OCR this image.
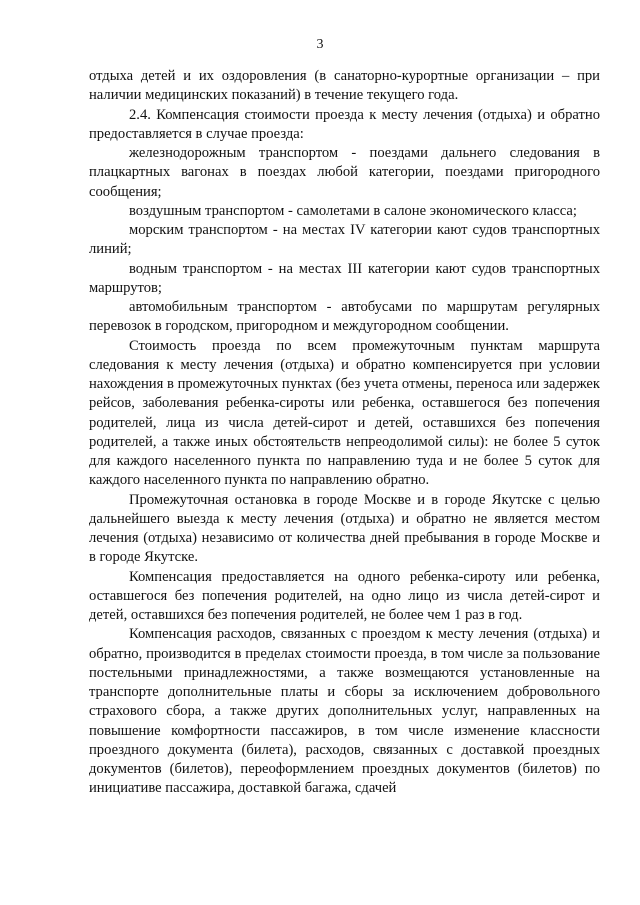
3

отдыха детей и их оздоровления (в санаторно-курортные организации – при наличии медицинских показаний) в течение текущего года.

2.4. Компенсация стоимости проезда к месту лечения (отдыха) и обратно предоставляется в случае проезда:

железнодорожным транспортом - поездами дальнего следования в плацкартных вагонах в поездах любой категории, поездами пригородного сообщения;

воздушным транспортом - самолетами в салоне экономического класса;

морским транспортом - на местах IV категории кают судов транспортных линий;

водным транспортом - на местах III категории кают судов транспортных маршрутов;

автомобильным транспортом - автобусами по маршрутам регулярных перевозок в городском, пригородном и междугородном сообщении.

Стоимость проезда по всем промежуточным пунктам маршрута следования к месту лечения (отдыха) и обратно компенсируется при условии нахождения в промежуточных пунктах (без учета отмены, переноса или задержек рейсов, заболевания ребенка-сироты или ребенка, оставшегося без попечения родителей, лица из числа детей-сирот и детей, оставшихся без попечения родителей, а также иных обстоятельств непреодолимой силы): не более 5 суток для каждого населенного пункта по направлению туда и не более 5 суток для каждого населенного пункта по направлению обратно.

Промежуточная остановка в городе Москве и в городе Якутске с целью дальнейшего выезда к месту лечения (отдыха) и обратно не является местом лечения (отдыха) независимо от количества дней пребывания в городе Москве и в городе Якутске.

Компенсация предоставляется на одного ребенка-сироту или ребенка, оставшегося без попечения родителей, на одно лицо из числа детей-сирот и детей, оставшихся без попечения родителей, не более чем 1 раз в год.

Компенсация расходов, связанных с проездом к месту лечения (отдыха) и обратно, производится в пределах стоимости проезда, в том числе за пользование постельными принадлежностями, а также возмещаются установленные на транспорте дополнительные платы и сборы за исключением добровольного страхового сбора, а также других дополнительных услуг, направленных на повышение комфортности пассажиров, в том числе изменение классности проездного документа (билета), расходов, связанных с доставкой проездных документов (билетов), переоформлением проездных документов (билетов) по инициативе пассажира, доставкой багажа, сдачей
